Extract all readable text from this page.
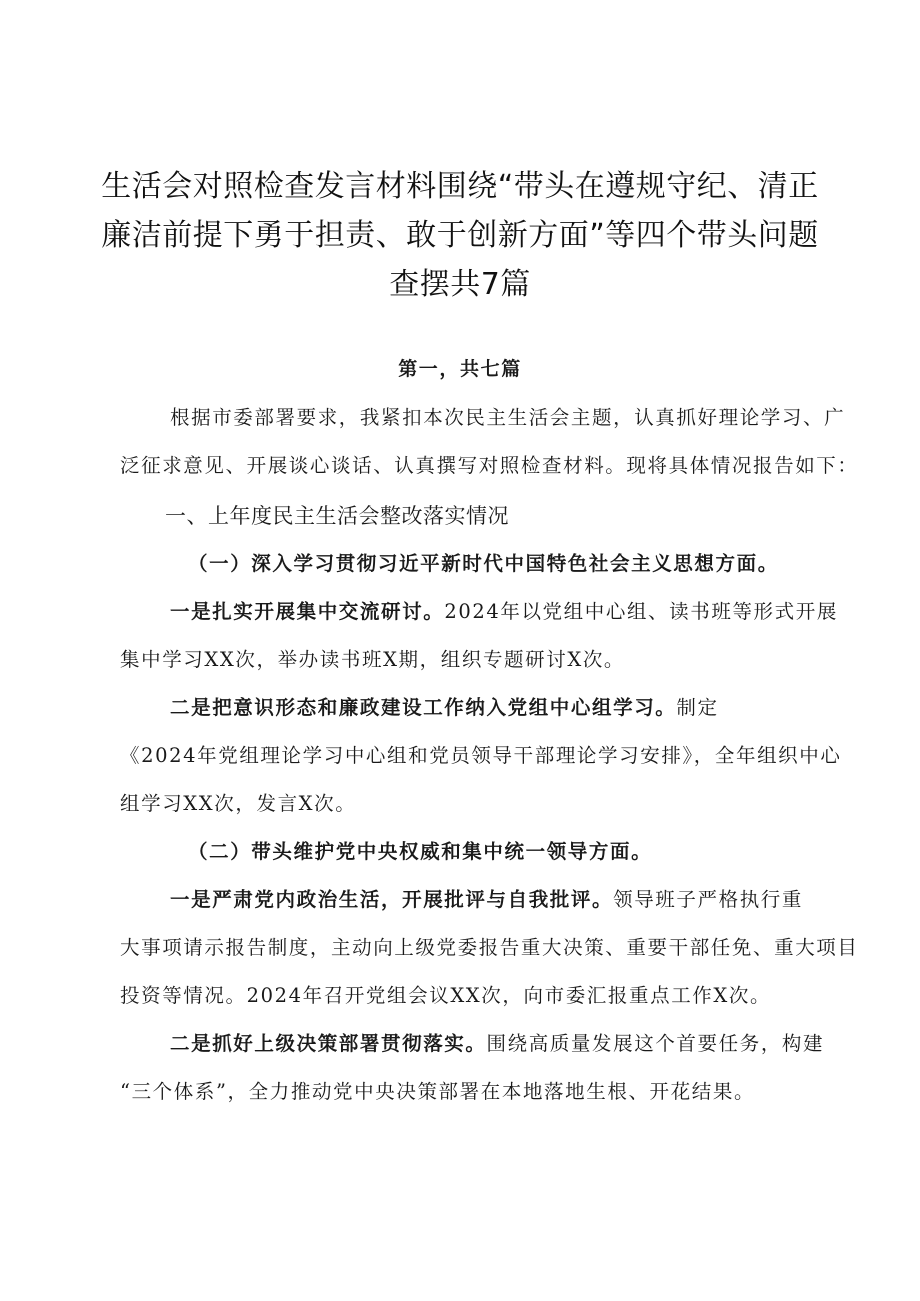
生活会对照检查发言材料围绕“带头在遵规守纪、清正
廉洁前提下勇于担责、敢于创新方面”等四个带头问题
查摆共7篇
第一，共七篇
根据市委部署要求，我紧扣本次民主生活会主题，认真抓好理论学习、广
泛征求意见、开展谈心谈话、认真撰写对照检查材料。现将具体情况报告如下：
一、上年度民主生活会整改落实情况
（一）深入学习贯彻习近平新时代中国特色社会主义思想方面。
一是扎实开展集中交流研讨。2024年以党组中心组、读书班等形式开展
集中学习XX次，举办读书班X期，组织专题研讨X次。
二是把意识形态和廉政建设工作纳入党组中心组学习。制定
《2024年党组理论学习中心组和党员领导干部理论学习安排》，全年组织中心
组学习XX次，发言X次。
（二）带头维护党中央权威和集中统一领导方面。
一是严肃党内政治生活，开展批评与自我批评。领导班子严格执行重
大事项请示报告制度，主动向上级党委报告重大决策、重要干部任免、重大项目
投资等情况。2024年召开党组会议XX次，向市委汇报重点工作X次。
二是抓好上级决策部署贯彻落实。围绕高质量发展这个首要任务，构建
“三个体系”，全力推动党中央决策部署在本地落地生根、开花结果。
